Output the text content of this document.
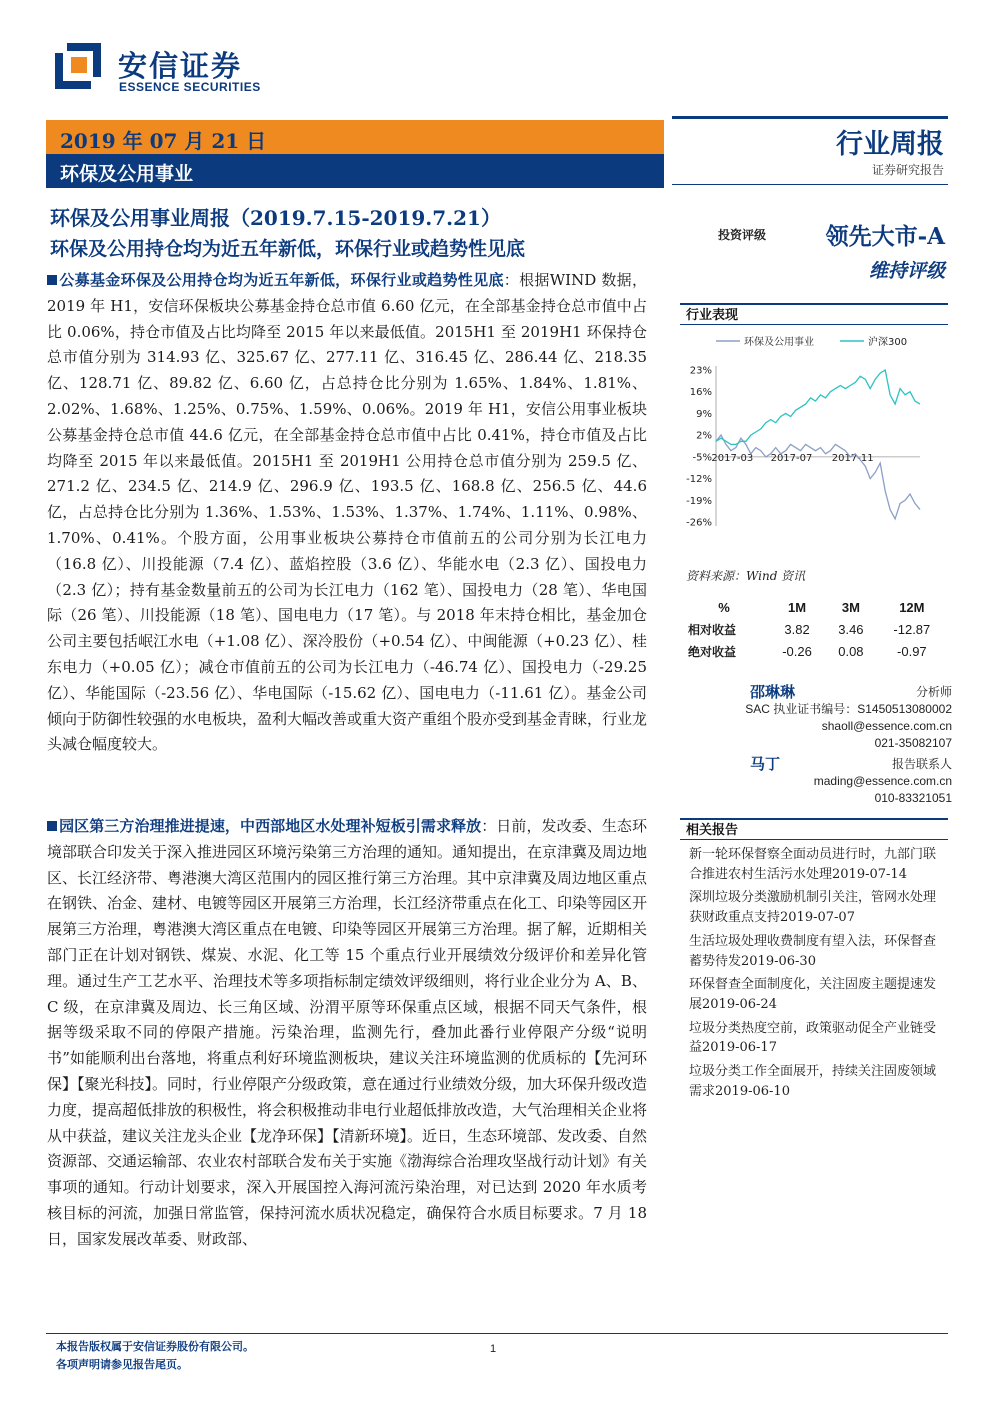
安信证券
ESSENCE SECURITIES
2019 年 07 月 21 日
环保及公用事业
行业周报
证券研究报告
环保及公用事业周报（2019.7.15-2019.7.21）
环保及公用持仓均为近五年新低，环保行业或趋势性见底
投资评级	领先大市-A
维持评级
公募基金环保及公用持仓均为近五年新低，环保行业或趋势性见底：根据WIND 数据，2019 年 H1，安信环保板块公募基金持仓总市值 6.60 亿元，在全部基金持仓总市值中占比 0.06%，持仓市值及占比均降至 2015 年以来最低值。2015H1 至 2019H1 环保持仓总市值分别为 314.93 亿、325.67 亿、277.11 亿、316.45 亿、286.44 亿、218.35 亿、128.71 亿、89.82 亿、6.60 亿，占总持仓比分别为 1.65%、1.84%、1.81%、2.02%、1.68%、1.25%、0.75%、1.59%、0.06%。2019 年 H1，安信公用事业板块公募基金持仓总市值 44.6 亿元，在全部基金持仓总市值中占比 0.41%，持仓市值及占比均降至 2015 年以来最低值。2015H1 至 2019H1 公用持仓总市值分别为 259.5 亿、271.2 亿、234.5 亿、214.9 亿、296.9 亿、193.5 亿、168.8 亿、256.5 亿、44.6 亿，占总持仓比分别为 1.36%、1.53%、1.53%、1.37%、1.74%、1.11%、0.98%、1.70%、0.41%。个股方面，公用事业板块公募持仓市值前五的公司分别为长江电力（16.8 亿）、川投能源（7.4 亿）、蓝焰控股（3.6 亿）、华能水电（2.3 亿）、国投电力（2.3 亿）；持有基金数量前五的公司为长江电力（162 笔）、国投电力（28 笔）、华电国际（26 笔）、川投能源（18 笔）、国电电力（17 笔）。与 2018 年末持仓相比，基金加仓公司主要包括岷江水电（+1.08 亿）、深冷股份（+0.54 亿）、中闽能源（+0.23 亿）、桂东电力（+0.05 亿）；减仓市值前五的公司为长江电力（-46.74 亿）、国投电力（-29.25 亿）、华能国际（-23.56 亿）、华电国际（-15.62 亿）、国电电力（-11.61 亿）。基金公司倾向于防御性较强的水电板块，盈利大幅改善或重大资产重组个股亦受到基金青睐，行业龙头减仓幅度较大。
园区第三方治理推进提速，中西部地区水处理补短板引需求释放：日前，发改委、生态环境部联合印发关于深入推进园区环境污染第三方治理的通知。通知提出，在京津冀及周边地区、长江经济带、粤港澳大湾区范围内的园区推行第三方治理。其中京津冀及周边地区重点在钢铁、冶金、建材、电镀等园区开展第三方治理，长江经济带重点在化工、印染等园区开展第三方治理，粤港澳大湾区重点在电镀、印染等园区开展第三方治理。据了解，近期相关部门正在计划对钢铁、煤炭、水泥、化工等 15 个重点行业开展绩效分级评价和差异化管理。通过生产工艺水平、治理技术等多项指标制定绩效评级细则，将行业企业分为 A、B、C 级，在京津冀及周边、长三角区域、汾渭平原等环保重点区域，根据不同天气条件，根据等级采取不同的停限产措施。污染治理，监测先行，叠加此番行业停限产分级“说明书”如能顺利出台落地，将重点利好环境监测板块，建议关注环境监测的优质标的【先河环保】【聚光科技】。同时，行业停限产分级政策，意在通过行业绩效分级，加大环保升级改造力度，提高超低排放的积极性，将会积极推动非电行业超低排放改造，大气治理相关企业将从中获益，建议关注龙头企业【龙净环保】【清新环境】。近日，生态环境部、发改委、自然资源部、交通运输部、农业农村部联合发布关于实施《渤海综合治理攻坚战行动计划》有关事项的通知。行动计划要求，深入开展国控入海河流污染治理，对已达到 2020 年水质考核目标的河流，加强日常监管，保持河流水质状况稳定，确保符合水质目标要求。7 月 18 日，国家发展改革委、财政部、
行业表现
环保及公用事业	沪深300
23%
16%
9%
2%
-5%
-12%
-19%
-26%
2017-03 2017-07 2017-11
资料来源：Wind 资讯
%	1M	3M	12M
相对收益	3.82	3.46	-12.87
绝对收益	-0.26	0.08	-0.97
邵琳琳	分析师
SAC 执业证书编号：S1450513080002
shaoll@essence.com.cn
021-35082107
马丁	报告联系人
mading@essence.com.cn
010-83321051
相关报告
新一轮环保督察全面动员进行时，九部门联合推进农村生活污水处理2019-07-14
深圳垃圾分类激励机制引关注，管网水处理获财政重点支持2019-07-07
生活垃圾处理收费制度有望入法，环保督查蓄势待发2019-06-30
环保督查全面制度化，关注固废主题提速发展2019-06-24
垃圾分类热度空前，政策驱动促全产业链受益2019-06-17
垃圾分类工作全面展开，持续关注固废领域需求2019-06-10
本报告版权属于安信证券股份有限公司。
各项声明请参见报告尾页。
1
